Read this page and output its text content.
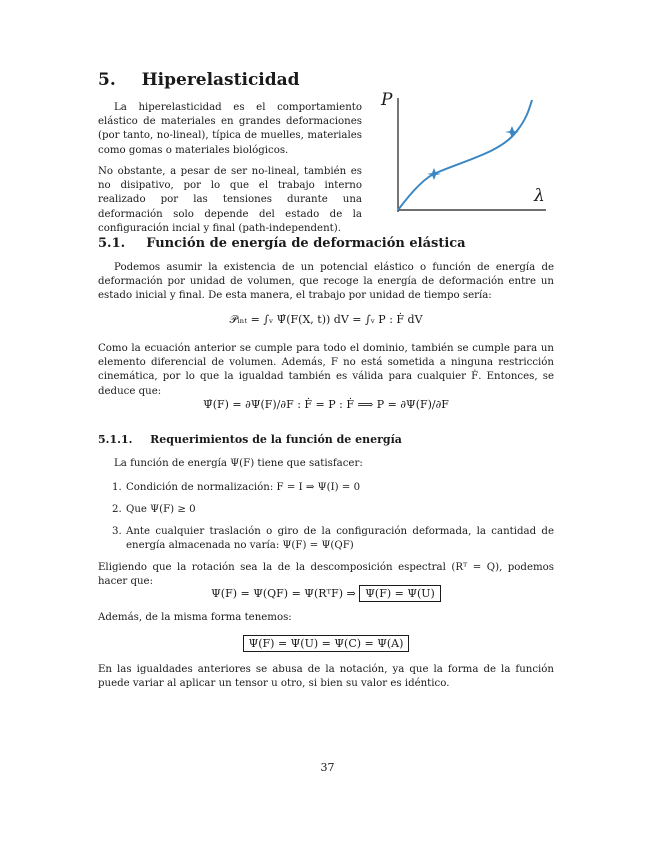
5. Hiperelasticidad
La hiperelasticidad es el comportamiento elástico de materiales en grandes deformaciones (por tanto, no-lineal), típica de muelles, materiales como gomas o materiales biológicos.
No obstante, a pesar de ser no-lineal, también es no disipativo, por lo que el trabajo interno realizado por las tensiones durante una deformación solo depende del estado de la configuración incial y final (path-independent).
P
λ
5.1. Función de energía de deformación elástica
Podemos asumir la existencia de un potencial elástico o función de energía de deformación por unidad de volumen, que recoge la energía de deformación entre un estado inicial y final. De esta manera, el trabajo por unidad de tiempo sería:
𝒫ᵢₙₜ = ∫ᵥ Ψ̇(F(X, t)) dV = ∫ᵥ P : Ḟ dV
Como la ecuación anterior se cumple para todo el dominio, también se cumple para un elemento diferencial de volumen. Además, F no está sometida a ninguna restricción cinemática, por lo que la igualdad también es válida para cualquier Ḟ. Entonces, se deduce que:
Ψ̇(F) = ∂Ψ(F)/∂F : Ḟ = P : Ḟ ⟹ P = ∂Ψ(F)/∂F
5.1.1. Requerimientos de la función de energía
La función de energía Ψ(F) tiene que satisfacer:
1. Condición de normalización: F = I ⇒ Ψ(I) = 0
2. Que Ψ(F) ≥ 0
3. Ante cualquier traslación o giro de la configuración deformada, la cantidad de energía almacenada no varía: Ψ(F) = Ψ(QF)
Eligiendo que la rotación sea la de la descomposición espectral (Rᵀ = Q), podemos hacer que:
Ψ(F) = Ψ(QF) = Ψ(RᵀF) ⇒ Ψ(F) = Ψ(U)
Además, de la misma forma tenemos:
Ψ(F) = Ψ(U) = Ψ(C) = Ψ(A)
En las igualdades anteriores se abusa de la notación, ya que la forma de la función puede variar al aplicar un tensor u otro, si bien su valor es idéntico.
37
